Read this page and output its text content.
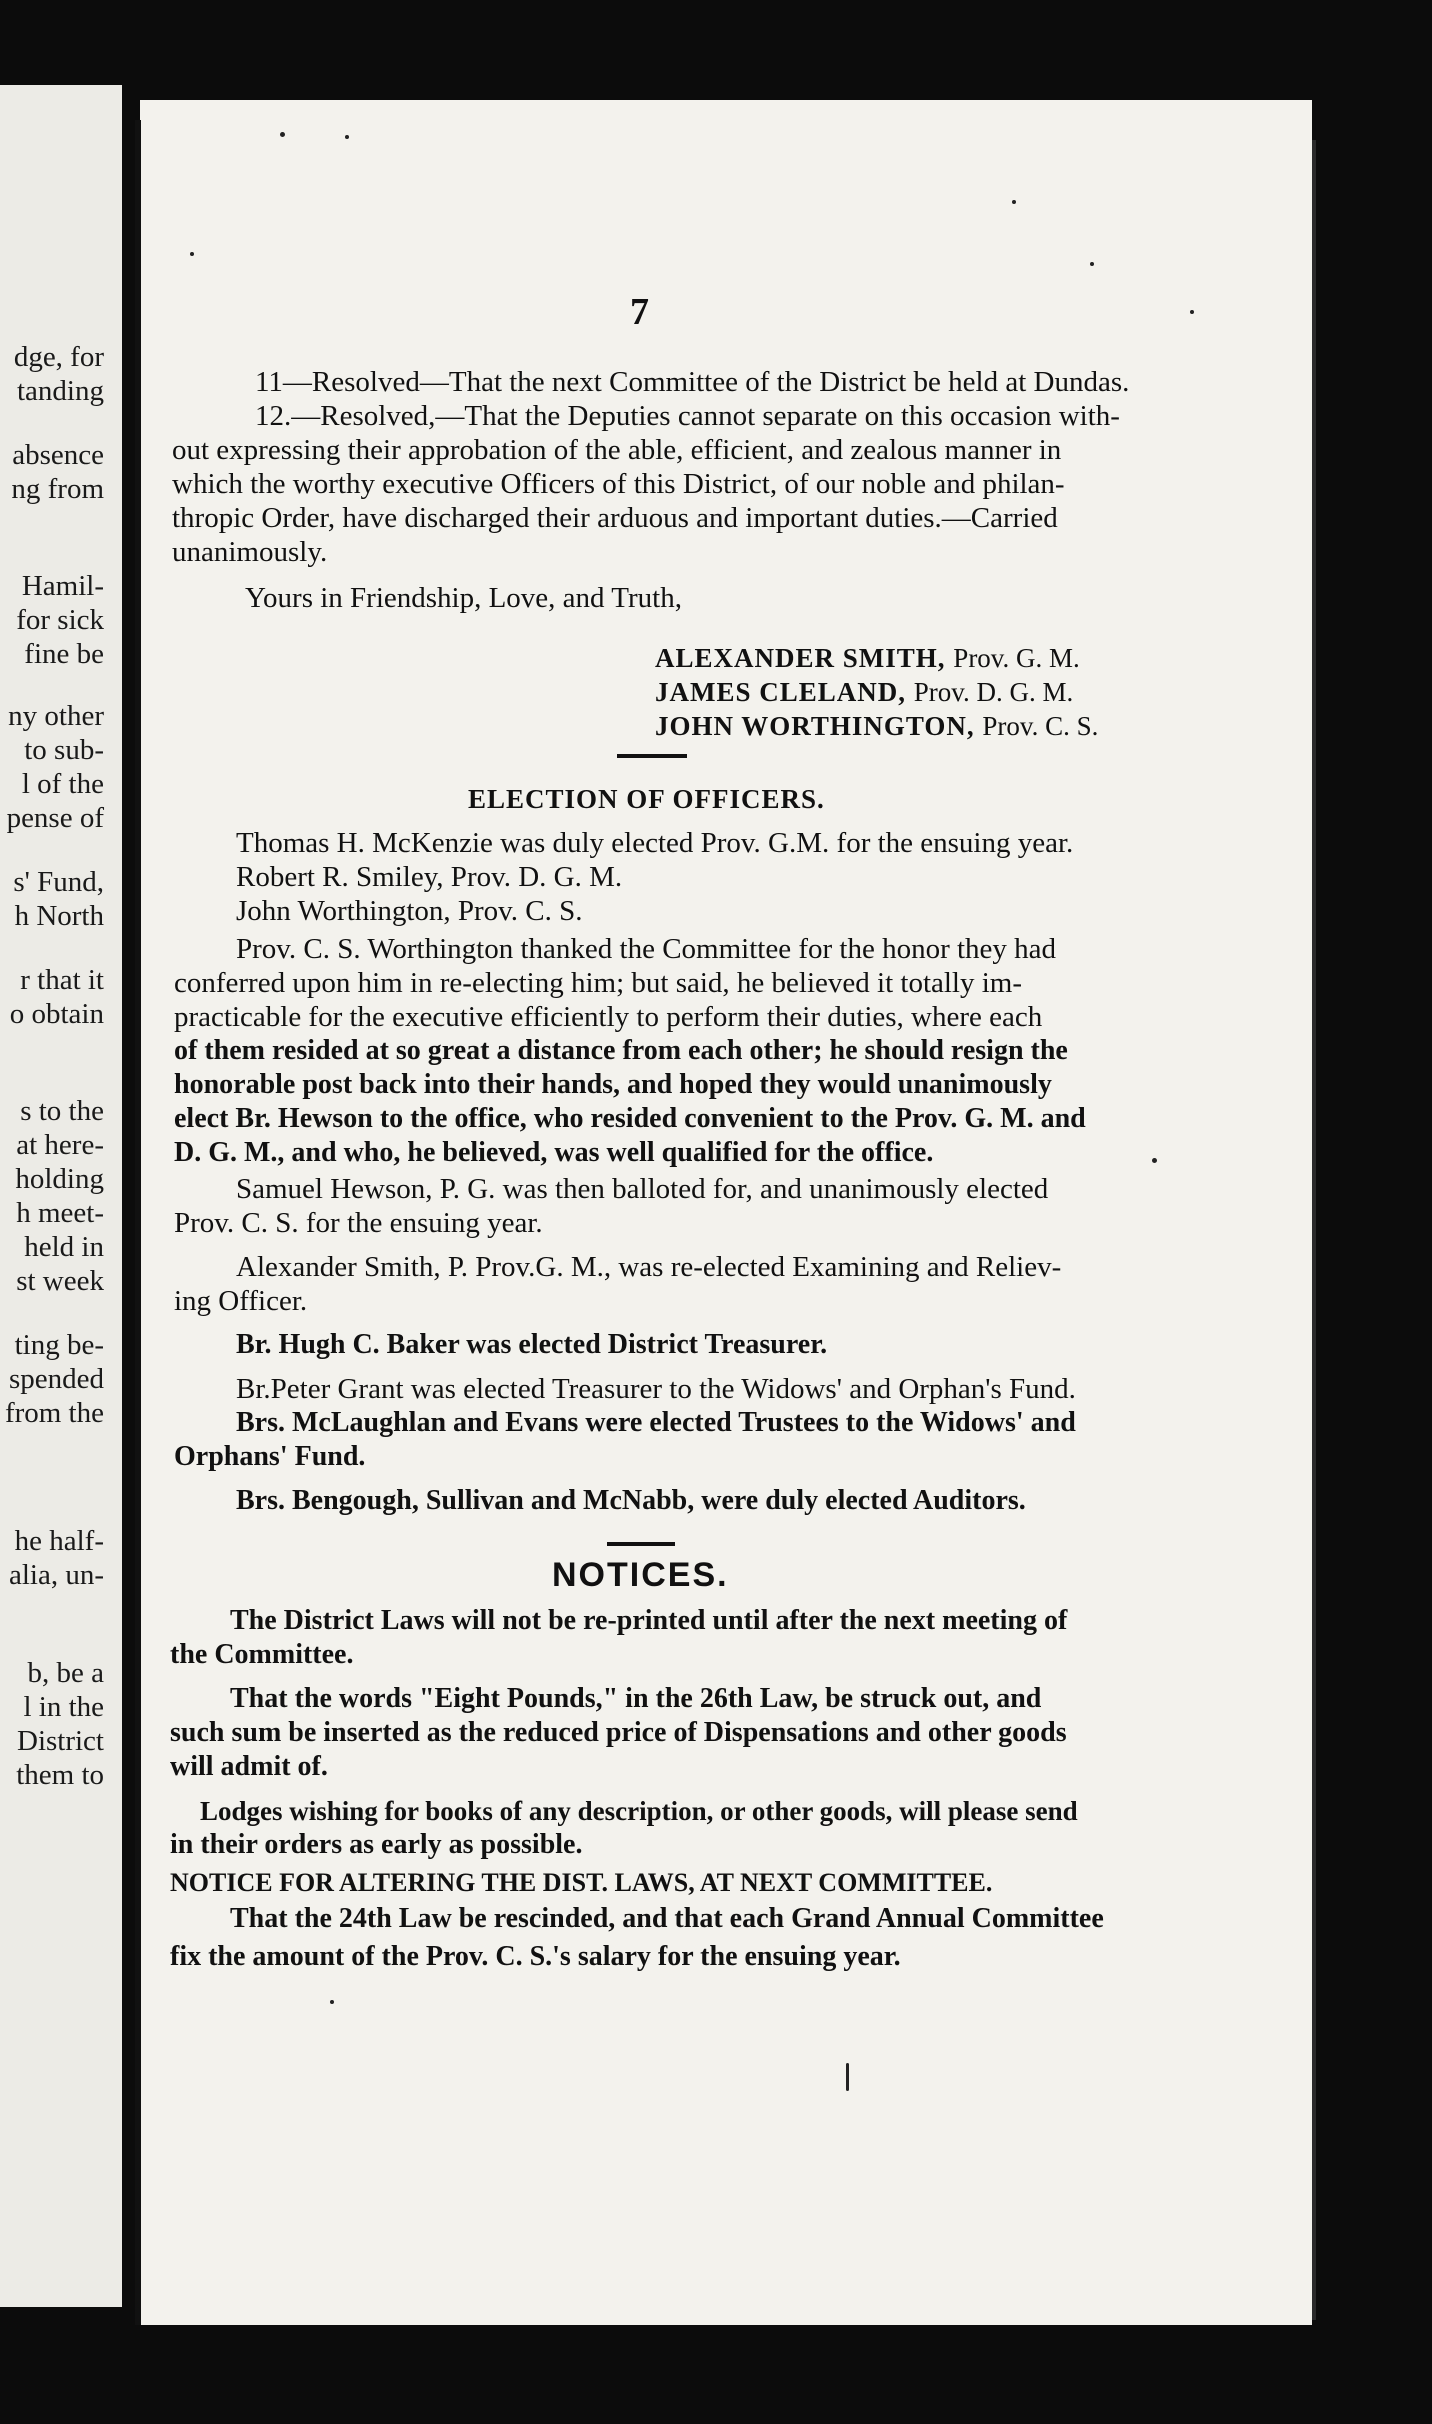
dge, for
tanding
absence
ng from
Hamil-
for sick
fine be
ny other
to sub-
l of the
pense of
s' Fund,
h North
r that it
o obtain
s to the
at here-
holding
h meet-
held in
st week
ting be-
spended
from the
he half-
alia, un-
b, be a
l in the
District
them to
7
11—Resolved—That the next Committee of the District be held at Dundas.
12.—Resolved,—That the Deputies cannot separate on this occasion with-
out expressing their approbation of the able, efficient, and zealous manner in
which the worthy executive Officers of this District, of our noble and philan-
thropic Order, have discharged their arduous and important duties.—Carried
unanimously.
Yours in Friendship, Love, and Truth,
ALEXANDER SMITH, Prov. G. M.
JAMES CLELAND, Prov. D. G. M.
JOHN WORTHINGTON, Prov. C. S.
ELECTION OF OFFICERS.
Thomas H. McKenzie was duly elected Prov. G.M. for the ensuing year.
Robert R. Smiley, Prov. D. G. M.
John Worthington, Prov. C. S.
Prov. C. S. Worthington thanked the Committee for the honor they had
conferred upon him in re-electing him; but said, he believed it totally im-
practicable for the executive efficiently to perform their duties, where each
of them resided at so great a distance from each other; he should resign the
honorable post back into their hands, and hoped they would unanimously
elect Br. Hewson to the office, who resided convenient to the Prov. G. M. and
D. G. M., and who, he believed, was well qualified for the office.
Samuel Hewson, P. G. was then balloted for, and unanimously elected
Prov. C. S. for the ensuing year.
Alexander Smith, P. Prov.G. M., was re-elected Examining and Reliev-
ing Officer.
Br. Hugh C. Baker was elected District Treasurer.
Br.Peter Grant was elected Treasurer to the Widows' and Orphan's Fund.
Brs. McLaughlan and Evans were elected Trustees to the Widows' and
Orphans' Fund.
Brs. Bengough, Sullivan and McNabb, were duly elected Auditors.
NOTICES.
The District Laws will not be re-printed until after the next meeting of
the Committee.
That the words "Eight Pounds," in the 26th Law, be struck out, and
such sum be inserted as the reduced price of Dispensations and other goods
will admit of.
Lodges wishing for books of any description, or other goods, will please send
in their orders as early as possible.
NOTICE FOR ALTERING THE DIST. LAWS, AT NEXT COMMITTEE.
That the 24th Law be rescinded, and that each Grand Annual Committee
fix the amount of the Prov. C. S.'s salary for the ensuing year.
